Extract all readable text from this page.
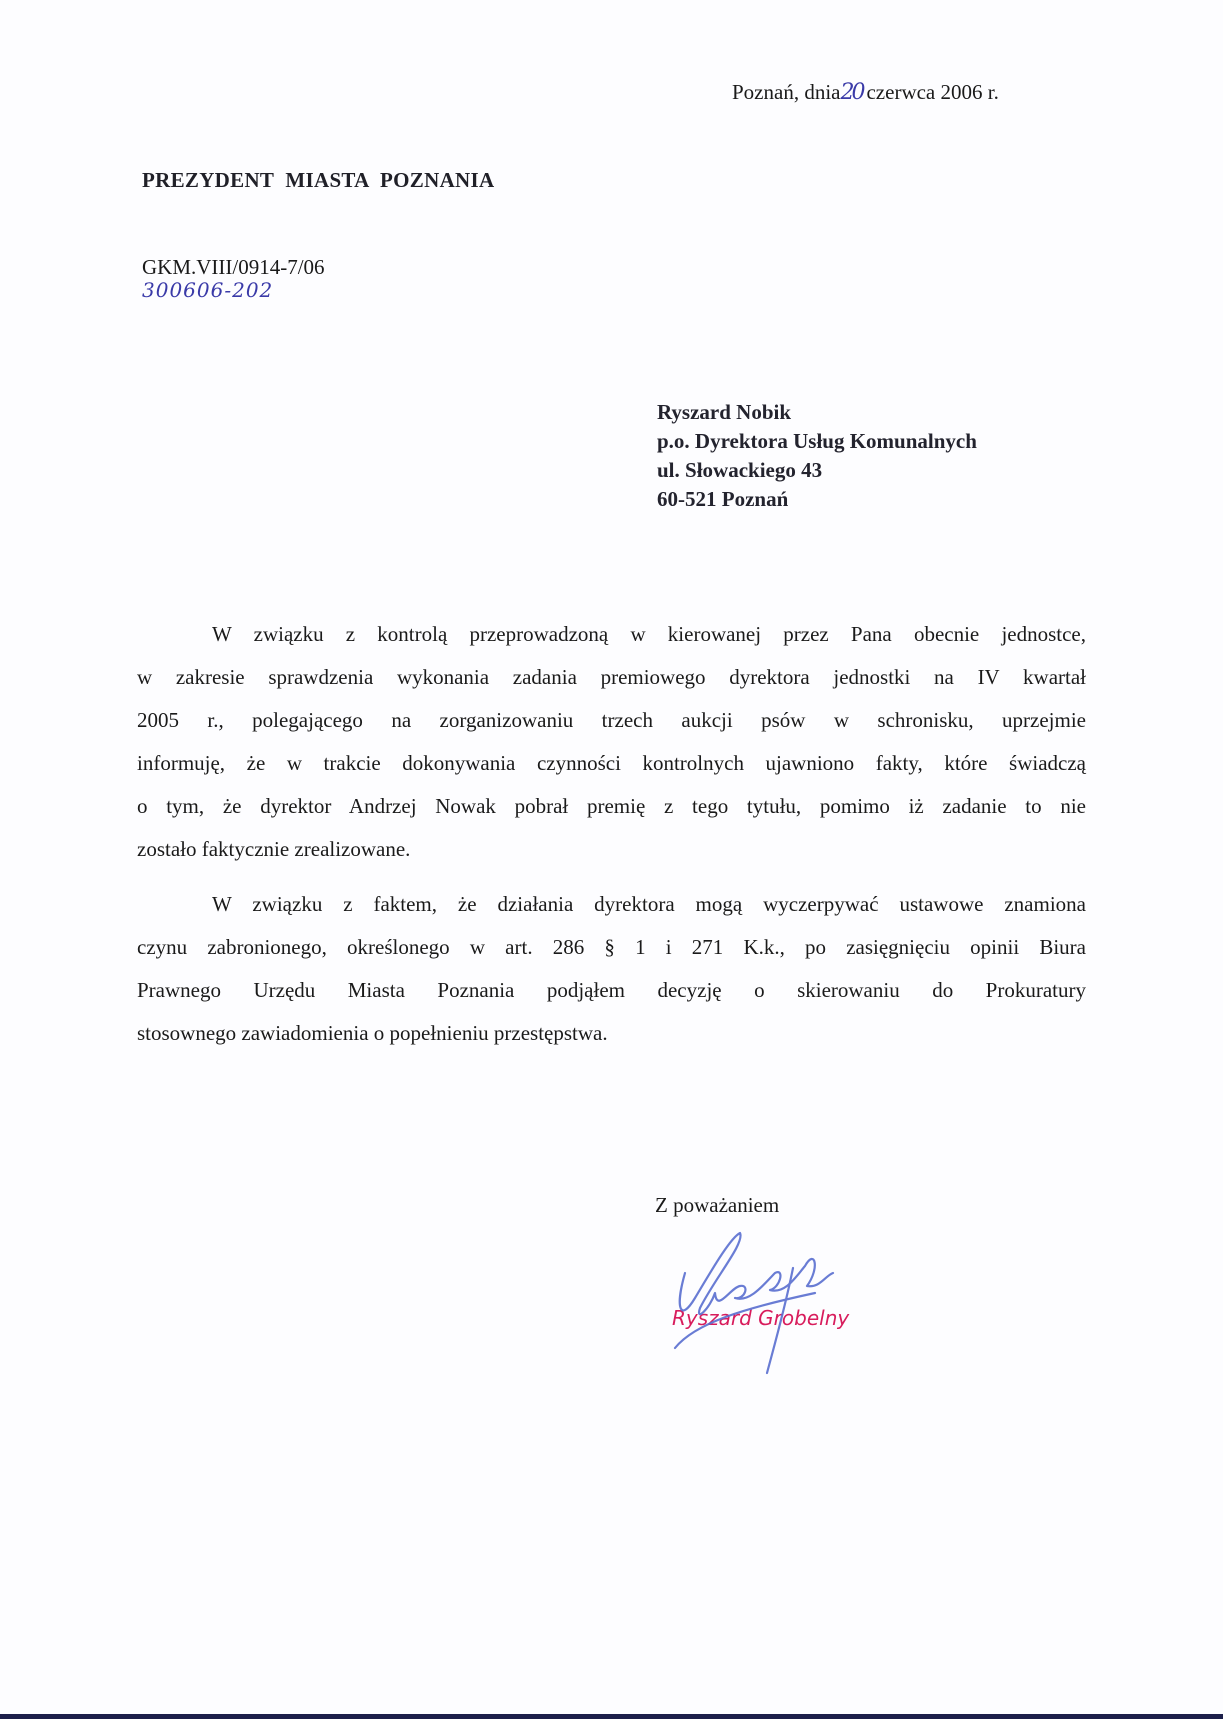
Poznań, dnia20 czerwca 2006 r.
PREZYDENT MIASTA POZNANIA
GKM.VIII/0914-7/06
300606-202
Ryszard Nobik
p.o. Dyrektora Usług Komunalnych
ul. Słowackiego 43
60-521 Poznań
W związku z kontrolą przeprowadzoną w kierowanej przez Pana obecnie jednostce,
w zakresie sprawdzenia wykonania zadania premiowego dyrektora jednostki na IV kwartał
2005 r., polegającego na zorganizowaniu trzech aukcji psów w schronisku, uprzejmie
informuję, że w trakcie dokonywania czynności kontrolnych ujawniono fakty, które świadczą
o tym, że dyrektor Andrzej Nowak pobrał premię z tego tytułu, pomimo iż zadanie to nie
zostało faktycznie zrealizowane.
W związku z faktem, że działania dyrektora mogą wyczerpywać ustawowe znamiona
czynu zabronionego, określonego w art. 286 § 1 i 271 K.k., po zasięgnięciu opinii Biura
Prawnego Urzędu Miasta Poznania podjąłem decyzję o skierowaniu do Prokuratury
stosownego zawiadomienia o popełnieniu przestępstwa.
Z poważaniem
Ryszard Grobelny
